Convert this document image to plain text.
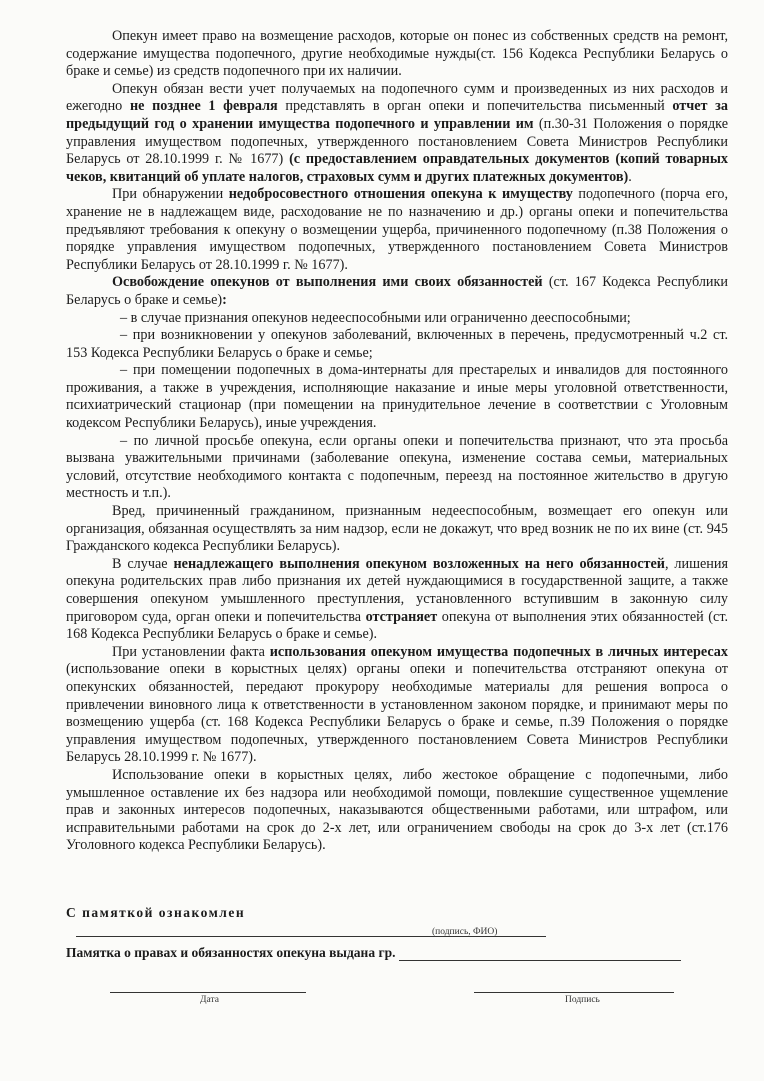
Опекун имеет право на возмещение расходов, которые он понес из собственных средств на ремонт, содержание имущества подопечного, другие необходимые нужды(ст. 156 Кодекса Республики Беларусь о браке и семье) из средств подопечного при их наличии.

Опекун обязан вести учет получаемых на подопечного сумм и произведенных из них расходов и ежегодно не позднее 1 февраля представлять в орган опеки и попечительства письменный отчет за предыдущий год о хранении имущества подопечного и управлении им (п.30-31 Положения о порядке управления имуществом подопечных, утвержденного постановлением Совета Министров Республики Беларусь от 28.10.1999 г. № 1677) (с предоставлением оправдательных документов (копий товарных чеков, квитанций об уплате налогов, страховых сумм и других платежных документов).

При обнаружении недобросовестного отношения опекуна к имуществу подопечного (порча его, хранение не в надлежащем виде, расходование не по назначению и др.) органы опеки и попечительства предъявляют требования к опекуну о возмещении ущерба, причиненного подопечному (п.38 Положения о порядке управления имуществом подопечных, утвержденного постановлением Совета Министров Республики Беларусь от 28.10.1999 г. № 1677).

Освобождение опекунов от выполнения ими своих обязанностей (ст. 167 Кодекса Республики Беларусь о браке и семье):

– в случае признания опекунов недееспособными или ограниченно дееспособными;

– при возникновении у опекунов заболеваний, включенных в перечень, предусмотренный ч.2 ст. 153 Кодекса Республики Беларусь о браке и семье;

– при помещении подопечных в дома-интернаты для престарелых и инвалидов для постоянного проживания, а также в учреждения, исполняющие наказание и иные меры уголовной ответственности, психиатрический стационар (при помещении на принудительное лечение в соответствии с Уголовным кодексом Республики Беларусь), иные учреждения.

– по личной просьбе опекуна, если органы опеки и попечительства признают, что эта просьба вызвана уважительными причинами (заболевание опекуна, изменение состава семьи, материальных условий, отсутствие необходимого контакта с подопечным, переезд на постоянное жительство в другую местность и т.п.).

Вред, причиненный гражданином, признанным недееспособным, возмещает его опекун или организация, обязанная осуществлять за ним надзор, если не докажут, что вред возник не по их вине (ст. 945 Гражданского кодекса Республики Беларусь).

В случае ненадлежащего выполнения опекуном возложенных на него обязанностей, лишения опекуна родительских прав либо признания их детей нуждающимися в государственной защите, а также совершения опекуном умышленного преступления, установленного вступившим в законную силу приговором суда, орган опеки и попечительства отстраняет опекуна от выполнения этих обязанностей (ст. 168 Кодекса Республики Беларусь о браке и семье).

При установлении факта использования опекуном имущества подопечных в личных интересах (использование опеки в корыстных целях) органы опеки и попечительства отстраняют опекуна от опекунских обязанностей, передают прокурору необходимые материалы для решения вопроса о привлечении виновного лица к ответственности в установленном законом порядке, и принимают меры по возмещению ущерба (ст. 168 Кодекса Республики Беларусь о браке и семье, п.39 Положения о порядке управления имуществом подопечных, утвержденного постановлением Совета Министров Республики Беларусь 28.10.1999 г. № 1677).

Использование опеки в корыстных целях, либо жестокое обращение с подопечными, либо умышленное оставление их без надзора или необходимой помощи, повлекшие существенное ущемление прав и законных интересов подопечных, наказываются общественными работами, или штрафом, или исправительными работами на срок до 2-х лет, или ограничением свободы на срок до 3-х лет (ст.176 Уголовного кодекса Республики Беларусь).

С памяткой ознакомлен
(подпись, ФИО)
Памятка о правах и обязанностях опекуна выдана гр.
Дата	Подпись
